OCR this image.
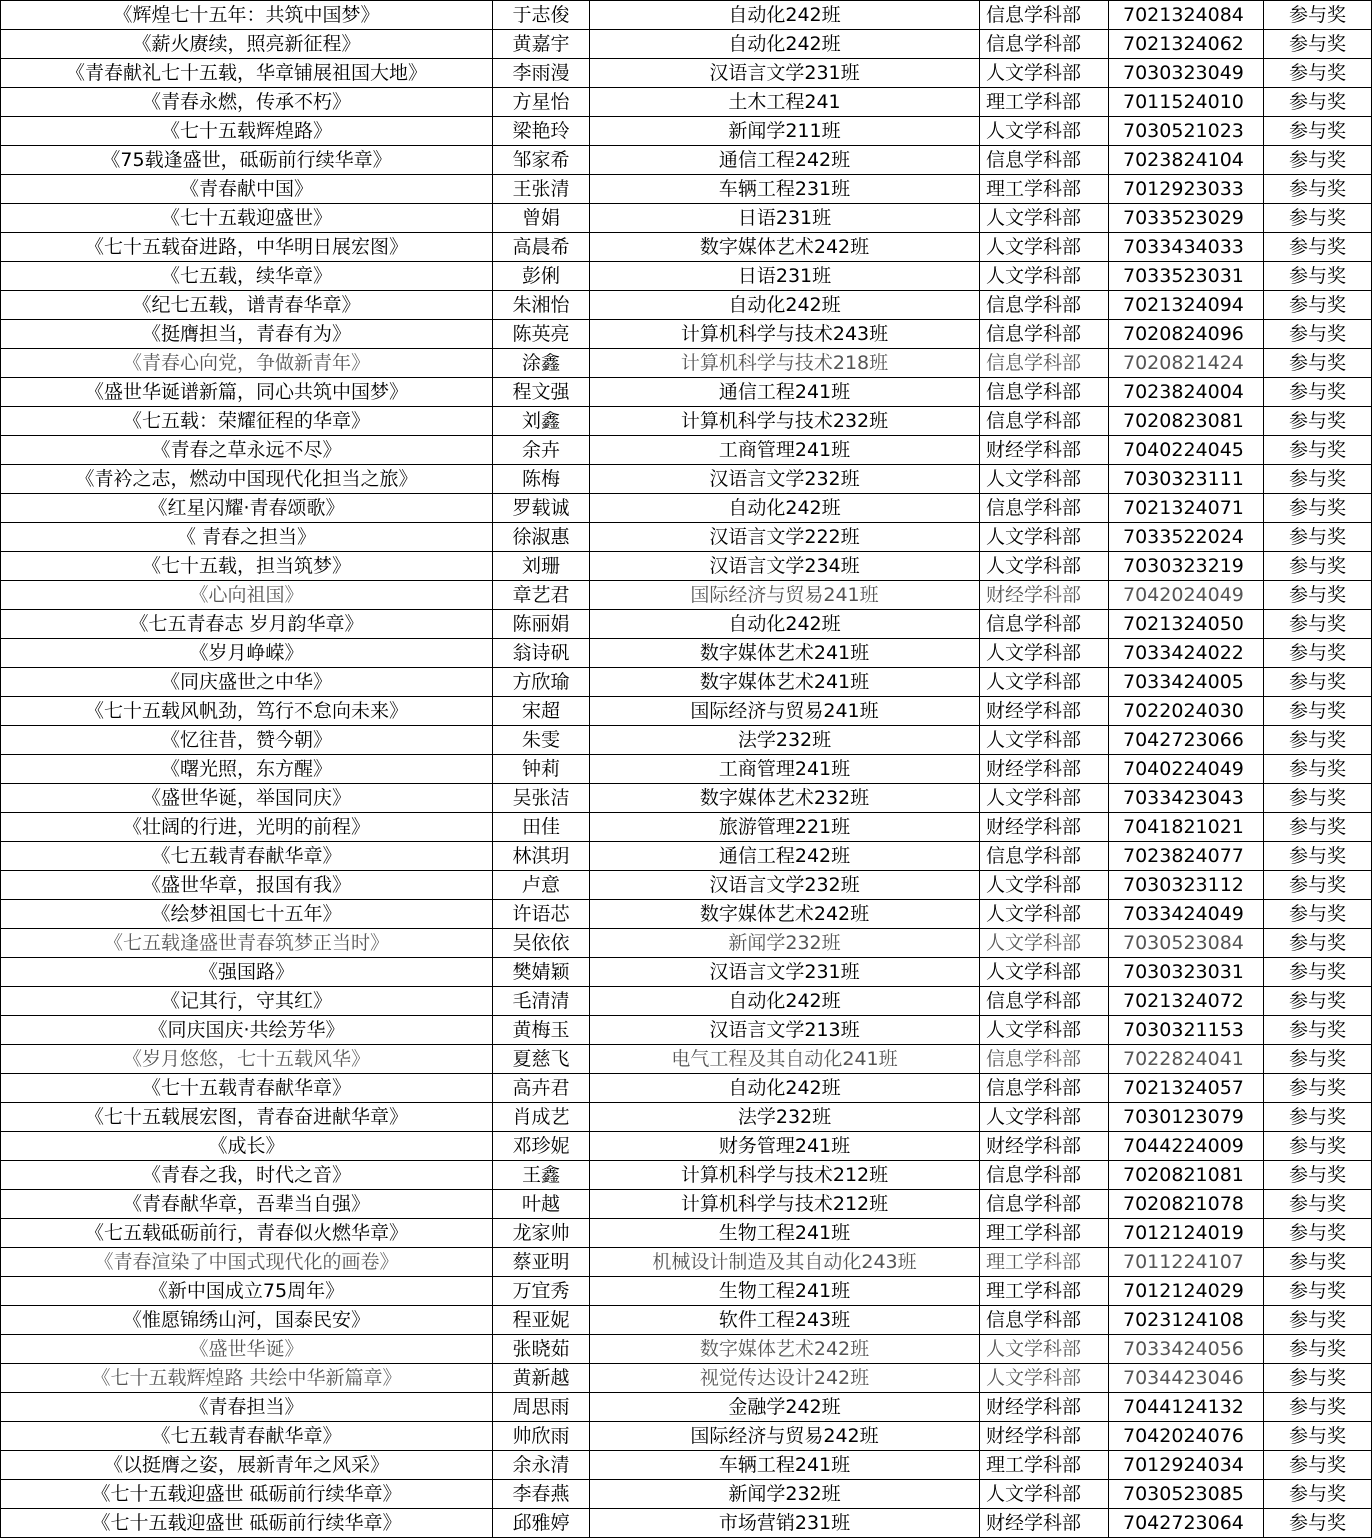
《辉煌七十五年：共筑中国梦》	于志俊	自动化242班	信息学科部	7021324084	参与奖
《薪火赓续，照亮新征程》	黄嘉宇	自动化242班	信息学科部	7021324062	参与奖
《青春献礼七十五载，华章铺展祖国大地》	李雨漫	汉语言文学231班	人文学科部	7030323049	参与奖
《青春永燃，传承不朽》	方星怡	土木工程241	理工学科部	7011524010	参与奖
《七十五载辉煌路》	梁艳玲	新闻学211班	人文学科部	7030521023	参与奖
《75载逢盛世，砥砺前行续华章》	邹家希	通信工程242班	信息学科部	7023824104	参与奖
《青春献中国》	王张清	车辆工程231班	理工学科部	7012923033	参与奖
《七十五载迎盛世》	曾娟	日语231班	人文学科部	7033523029	参与奖
《七十五载奋进路，中华明日展宏图》	高晨希	数字媒体艺术242班	人文学科部	7033434033	参与奖
《七五载，续华章》	彭俐	日语231班	人文学科部	7033523031	参与奖
《纪七五载，谱青春华章》	朱湘怡	自动化242班	信息学科部	7021324094	参与奖
《挺膺担当，青春有为》	陈英亮	计算机科学与技术243班	信息学科部	7020824096	参与奖
《青春心向党，争做新青年》	涂鑫	计算机科学与技术218班	信息学科部	7020821424	参与奖
《盛世华诞谱新篇，同心共筑中国梦》	程文强	通信工程241班	信息学科部	7023824004	参与奖
《七五载：荣耀征程的华章》	刘鑫	计算机科学与技术232班	信息学科部	7020823081	参与奖
《青春之草永远不尽》	余卉	工商管理241班	财经学科部	7040224045	参与奖
《青衿之志，燃动中国现代化担当之旅》	陈梅	汉语言文学232班	人文学科部	7030323111	参与奖
《红星闪耀·青春颂歌》	罗载诚	自动化242班	信息学科部	7021324071	参与奖
《 青春之担当》	徐淑惠	汉语言文学222班	人文学科部	7033522024	参与奖
《七十五载，担当筑梦》	刘珊	汉语言文学234班	人文学科部	7030323219	参与奖
《心向祖国》	章艺君	国际经济与贸易241班	财经学科部	7042024049	参与奖
《七五青春志 岁月韵华章》	陈丽娟	自动化242班	信息学科部	7021324050	参与奖
《岁月峥嵘》	翁诗矾	数字媒体艺术241班	人文学科部	7033424022	参与奖
《同庆盛世之中华》	方欣瑜	数字媒体艺术241班	人文学科部	7033424005	参与奖
《七十五载风帆劲，笃行不怠向未来》	宋超	国际经济与贸易241班	财经学科部	7022024030	参与奖
《忆往昔，赞今朝》	朱雯	法学232班	人文学科部	7042723066	参与奖
《曙光照，东方醒》	钟莉	工商管理241班	财经学科部	7040224049	参与奖
《盛世华诞，举国同庆》	吴张洁	数字媒体艺术232班	人文学科部	7033423043	参与奖
《壮阔的行进，光明的前程》	田佳	旅游管理221班	财经学科部	7041821021	参与奖
《七五载青春献华章》	林淇玥	通信工程242班	信息学科部	7023824077	参与奖
《盛世华章，报国有我》	卢意	汉语言文学232班	人文学科部	7030323112	参与奖
《绘梦祖国七十五年》	许语芯	数字媒体艺术242班	人文学科部	7033424049	参与奖
《七五载逢盛世青春筑梦正当时》	吴依依	新闻学232班	人文学科部	7030523084	参与奖
《强国路》	樊婧颖	汉语言文学231班	人文学科部	7030323031	参与奖
《记其行，守其红》	毛清清	自动化242班	信息学科部	7021324072	参与奖
《同庆国庆·共绘芳华》	黄梅玉	汉语言文学213班	人文学科部	7030321153	参与奖
《岁月悠悠，七十五载风华》	夏慈飞	电气工程及其自动化241班	信息学科部	7022824041	参与奖
《七十五载青春献华章》	高卉君	自动化242班	信息学科部	7021324057	参与奖
《七十五载展宏图，青春奋进献华章》	肖成艺	法学232班	人文学科部	7030123079	参与奖
《成长》	邓珍妮	财务管理241班	财经学科部	7044224009	参与奖
《青春之我，时代之音》	王鑫	计算机科学与技术212班	信息学科部	7020821081	参与奖
《青春献华章，吾辈当自强》	叶越	计算机科学与技术212班	信息学科部	7020821078	参与奖
《七五载砥砺前行，青春似火燃华章》	龙家帅	生物工程241班	理工学科部	7012124019	参与奖
《青春渲染了中国式现代化的画卷》	蔡亚明	机械设计制造及其自动化243班	理工学科部	7011224107	参与奖
《新中国成立75周年》	万宜秀	生物工程241班	理工学科部	7012124029	参与奖
《惟愿锦绣山河，国泰民安》	程亚妮	软件工程243班	信息学科部	7023124108	参与奖
《盛世华诞》	张晓茹	数字媒体艺术242班	人文学科部	7033424056	参与奖
《七十五载辉煌路 共绘中华新篇章》	黄新越	视觉传达设计242班	人文学科部	7034423046	参与奖
《青春担当》	周思雨	金融学242班	财经学科部	7044124132	参与奖
《七五载青春献华章》	帅欣雨	国际经济与贸易242班	财经学科部	7042024076	参与奖
《以挺膺之姿，展新青年之风采》	余永清	车辆工程241班	理工学科部	7012924034	参与奖
《七十五载迎盛世 砥砺前行续华章》	李春燕	新闻学232班	人文学科部	7030523085	参与奖
《七十五载迎盛世 砥砺前行续华章》	邱雅婷	市场营销231班	财经学科部	7042723064	参与奖
